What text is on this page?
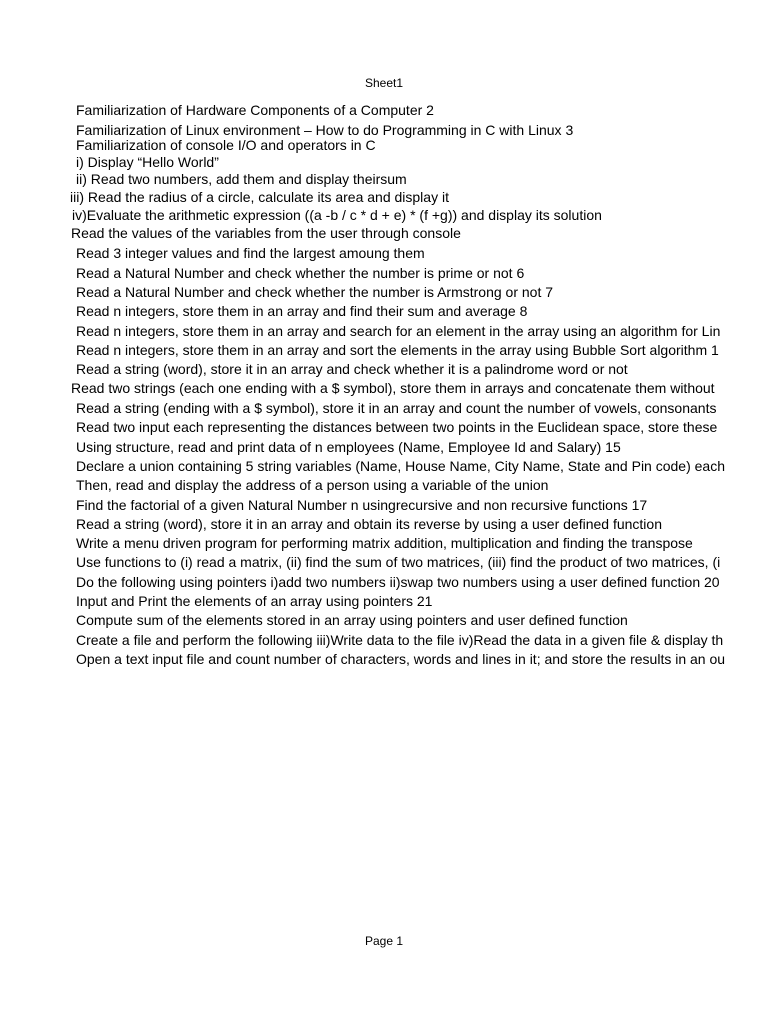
Sheet1
Familiarization of Hardware Components of a Computer 2
Familiarization of Linux environment – How to do Programming in C with Linux 3
Familiarization of console I/O and operators in C
i) Display “Hello World”
ii) Read two numbers, add them and display theirsum
iii) Read the radius of a circle, calculate its area and display it
iv)Evaluate the arithmetic expression ((a -b / c * d + e) * (f +g)) and display its solution
Read the values of the variables from the user through console
Read 3 integer values and find the largest amoung them
Read a Natural Number and check whether the number is prime or not 6
Read a Natural Number and check whether the number is Armstrong or not 7
Read n integers, store them in an array and find their sum and average 8
Read n integers, store them in an array and search for an element in the array using an algorithm for Lin
Read n integers, store them in an array and sort the elements in the array using Bubble Sort algorithm 1
Read a string (word), store it in an array and check whether it is a palindrome word or not
Read two strings (each one ending with a $ symbol), store them in arrays and concatenate them without
Read a string (ending with a $ symbol), store it in an array and count the number of vowels, consonants
Read two input each representing the distances between two points in the Euclidean space, store these
Using structure, read and print data of n employees (Name, Employee Id and Salary) 15
Declare a union containing 5 string variables (Name, House Name, City Name, State and Pin code) each
Then, read and display the address of a person using a variable of the union
Find the factorial of a given Natural Number n usingrecursive and non recursive functions 17
Read a string (word), store it in an array and obtain its reverse by using a user defined function
Write a menu driven program for performing matrix addition, multiplication and finding the transpose
Use functions to (i) read a matrix, (ii) find the sum of two matrices, (iii) find the product of two matrices, (i
Do the following using pointers i)add two numbers ii)swap two numbers using a user defined function 20
Input and Print the elements of an array using pointers 21
Compute sum of the elements stored in an array using pointers and user defined function
Create a file and perform the following iii)Write data to the file iv)Read the data in a given file & display th
Open a text input file and count number of characters, words and lines in it; and store the results in an ou
Page 1
